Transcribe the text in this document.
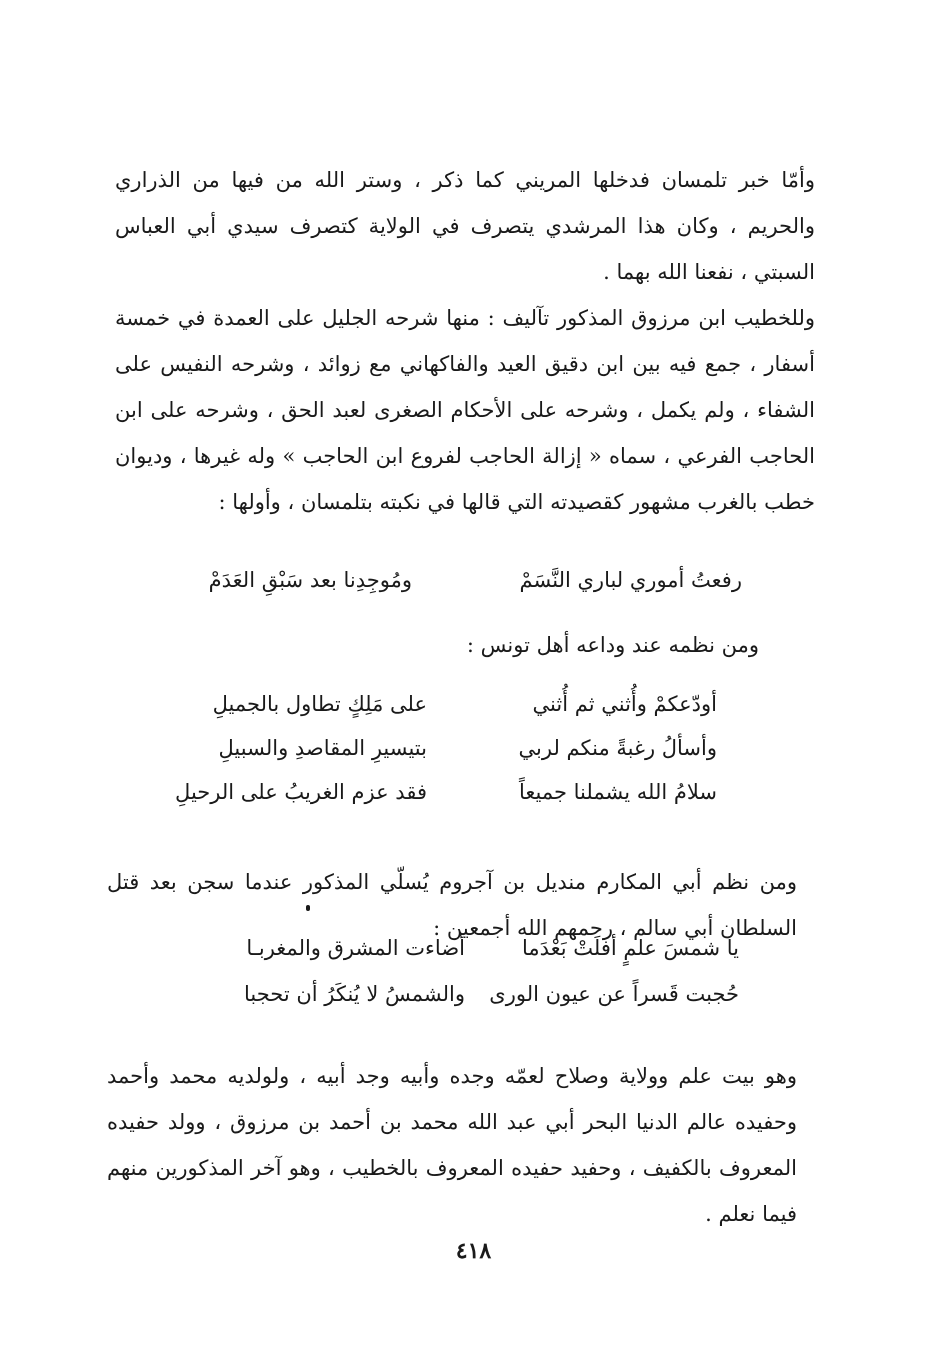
وأمّا خبر تلمسان فدخلها المريني كما ذكر ، وستر الله من فيها من الذراري والحريم ، وكان هذا المرشدي يتصرف في الولاية كتصرف سيدي أبي العباس السبتي ، نفعنا الله بهما .

وللخطيب ابن مرزوق المذكور تآليف : منها شرحه الجليل على العمدة في خمسة أسفار ، جمع فيه بين ابن دقيق العيد والفاكهاني مع زوائد ، وشرحه النفيس على الشفاء ، ولم يكمل ، وشرحه على الأحكام الصغرى لعبد الحق ، وشرحه على ابن الحاجب الفرعي ، سماه « إزالة الحاجب لفروع ابن الحاجب » وله غيرها ، وديوان خطب بالغرب مشهور كقصيدته التي قالها في نكبته بتلمسان ، وأولها :

رفعتُ أموري لباري النَّسَمْ
ومُوجِدِنا بعد سَبْقِ العَدَمْ
ومن نظمه عند وداعه أهل تونس :
أودّعكمْ وأُثني ثم أُثني
على مَلِكٍ تطاول بالجميلِ
وأسألُ رغبةً منكم لربي
بتيسيرِ المقاصدِ والسبيلِ
سلامُ الله يشملنا جميعاً
فقد عزم الغريبُ على الرحيلِ

ومن نظم أبي المكارم منديل بن آجروم يُسلّي المذكور عندما سجن بعد قتل السلطان أبي سالم ، رحمهم الله أجمعين :

يا شمسَ علمٍ أفلَتْ بَعْدَما
أضاءت المشرق والمغربـا
حُجبت قَسراً عن عيون الورى
والشمسُ لا يُنكَرُ أن تحجبا

وهو بيت علم وولاية وصلاح لعمّه وجده وأبيه وجد أبيه ، ولولديه محمد وأحمد وحفيده عالم الدنيا البحر أبي عبد الله محمد بن أحمد بن مرزوق ، وولد حفيده المعروف بالكفيف ، وحفيد حفيده المعروف بالخطيب ، وهو آخر المذكورين منهم فيما نعلم .

٤١٨
